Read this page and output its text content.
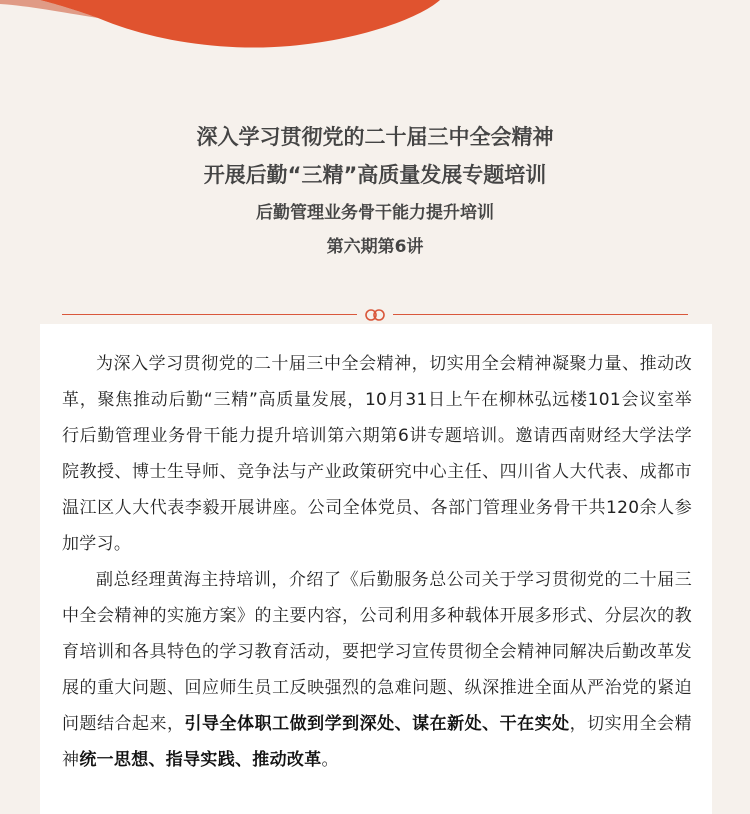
深入学习贯彻党的二十届三中全会精神

开展后勤“三精”高质量发展专题培训

后勤管理业务骨干能力提升培训

第六期第6讲

为深入学习贯彻党的二十届三中全会精神，切实用全会精神凝聚力量、推动改革，聚焦推动后勤“三精”高质量发展，10月31日上午在柳林弘远楼101会议室举行后勤管理业务骨干能力提升培训第六期第6讲专题培训。邀请西南财经大学法学院教授、博士生导师、竞争法与产业政策研究中心主任、四川省人大代表、成都市温江区人大代表李毅开展讲座。公司全体党员、各部门管理业务骨干共120余人参加学习。

副总经理黄海主持培训，介绍了《后勤服务总公司关于学习贯彻党的二十届三中全会精神的实施方案》的主要内容，公司利用多种载体开展多形式、分层次的教育培训和各具特色的学习教育活动，要把学习宣传贯彻全会精神同解决后勤改革发展的重大问题、回应师生员工反映强烈的急难问题、纵深推进全面从严治党的紧迫问题结合起来，引导全体职工做到学到深处、谋在新处、干在实处，切实用全会精神统一思想、指导实践、推动改革。
